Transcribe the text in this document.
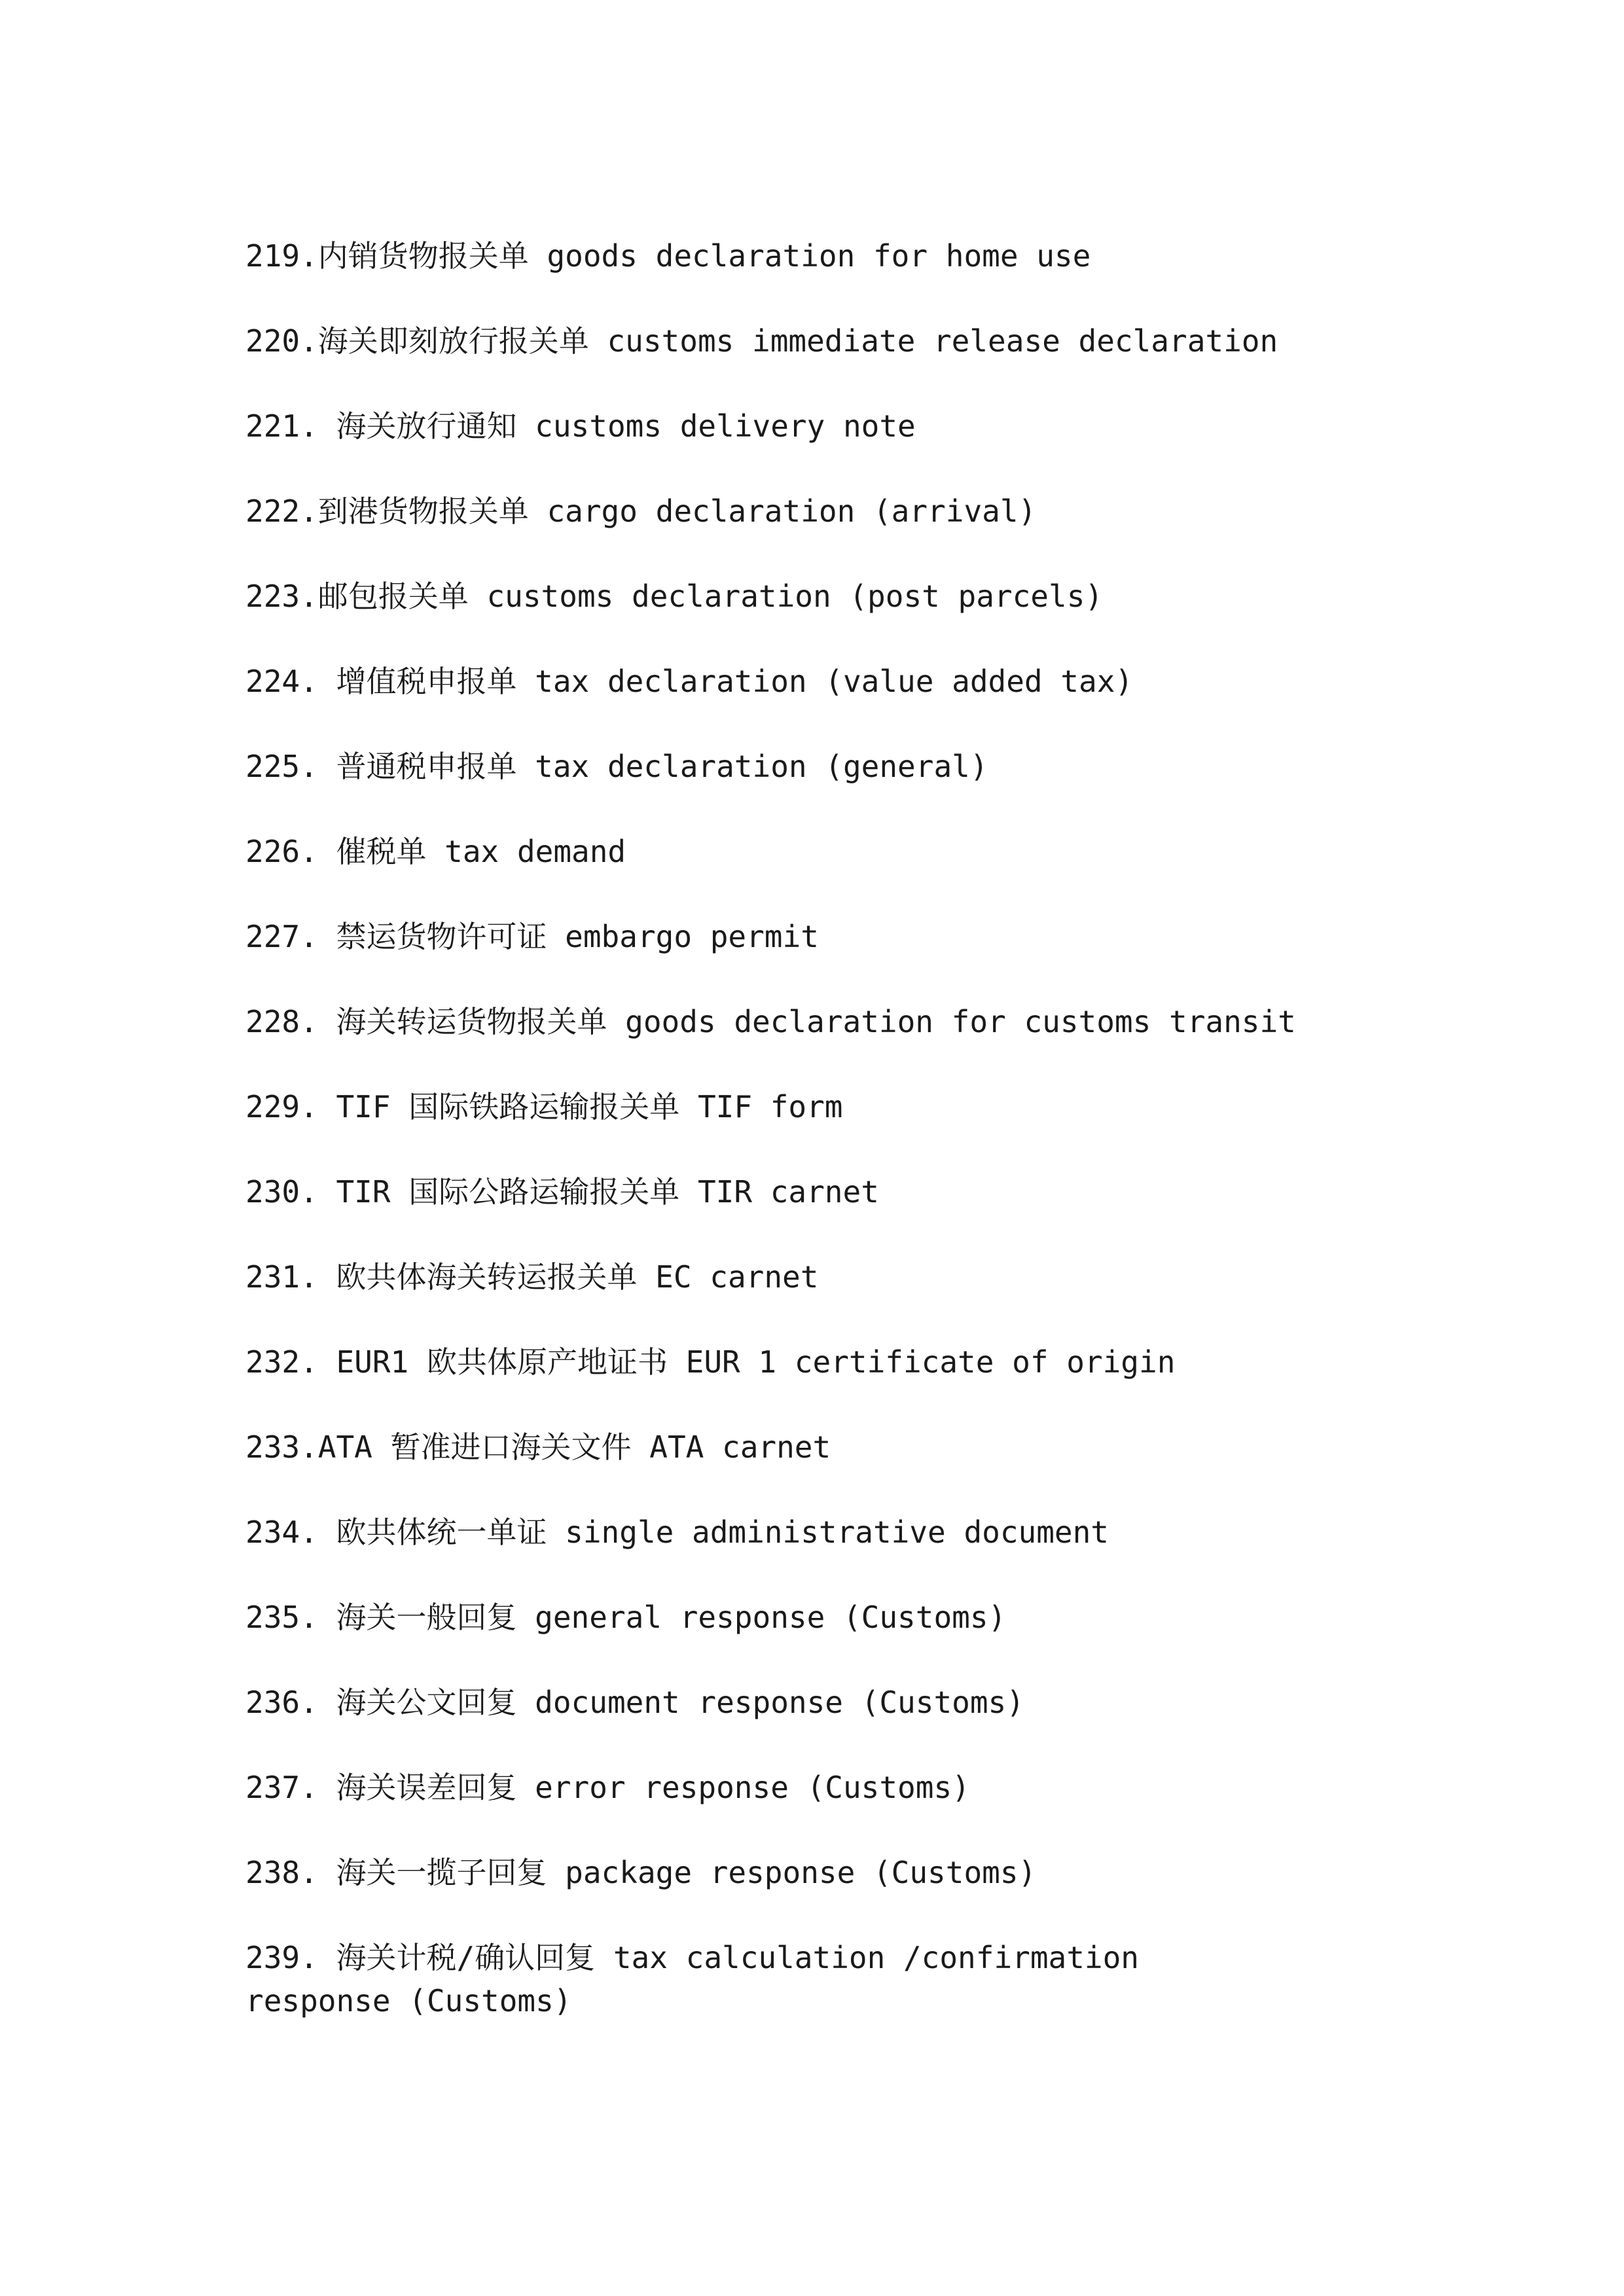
219.内销货物报关单 goods declaration for home use
220.海关即刻放行报关单 customs immediate release declaration
221. 海关放行通知 customs delivery note
222.到港货物报关单 cargo declaration (arrival)
223.邮包报关单 customs declaration (post parcels)
224. 增值税申报单 tax declaration (value added tax)
225. 普通税申报单 tax declaration (general)
226. 催税单 tax demand
227. 禁运货物许可证 embargo permit
228. 海关转运货物报关单 goods declaration for customs transit
229. TIF 国际铁路运输报关单 TIF form
230. TIR 国际公路运输报关单 TIR carnet
231. 欧共体海关转运报关单 EC carnet
232. EUR1 欧共体原产地证书 EUR 1 certificate of origin
233.ATA 暂准进口海关文件 ATA carnet
234. 欧共体统一单证 single administrative document
235. 海关一般回复 general response (Customs)
236. 海关公文回复 document response (Customs)
237. 海关误差回复 error response (Customs)
238. 海关一揽子回复 package response (Customs)
239. 海关计税/确认回复 tax calculation /confirmation response (Customs)
